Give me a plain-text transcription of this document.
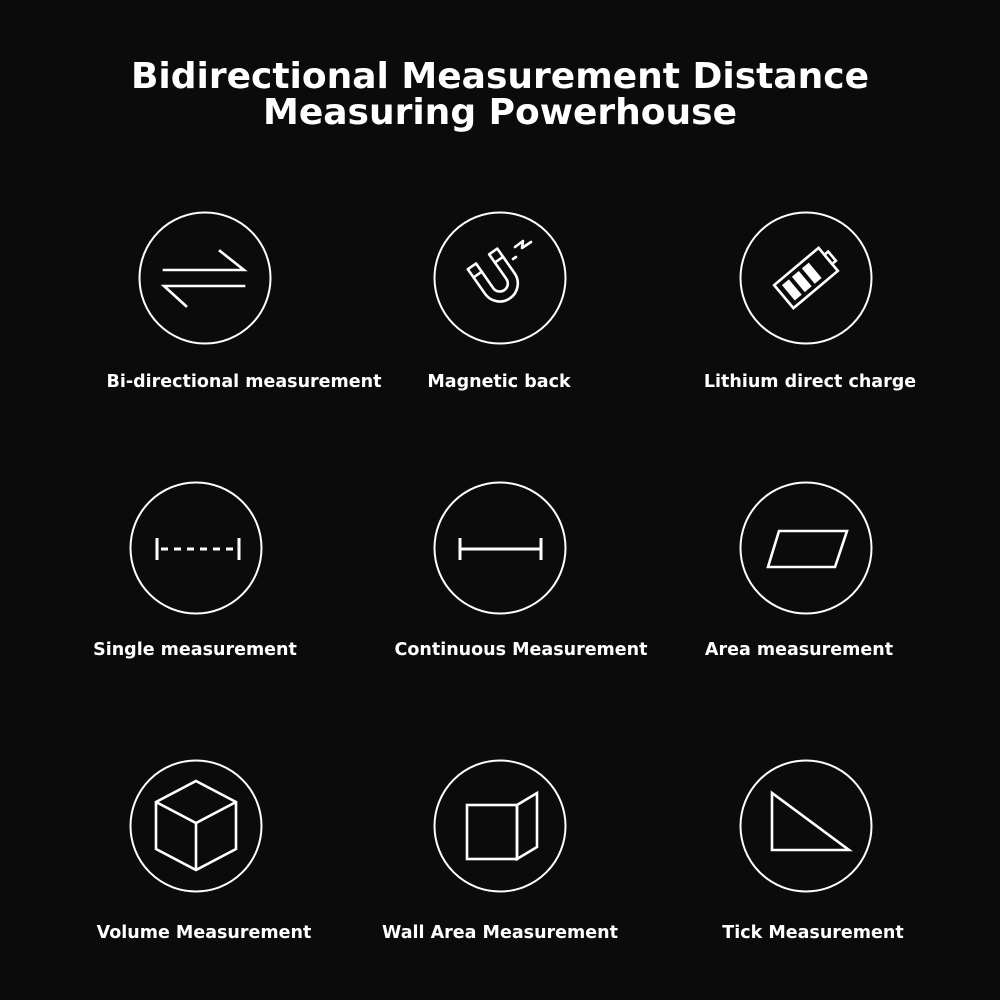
Bidirectional Measurement Distance
Measuring Powerhouse
Bi-directional measurement	Magnetic back	Lithium direct charge
Single measurement	Continuous Measurement	Area measurement
Volume Measurement	Wall Area Measurement	Tick Measurement
